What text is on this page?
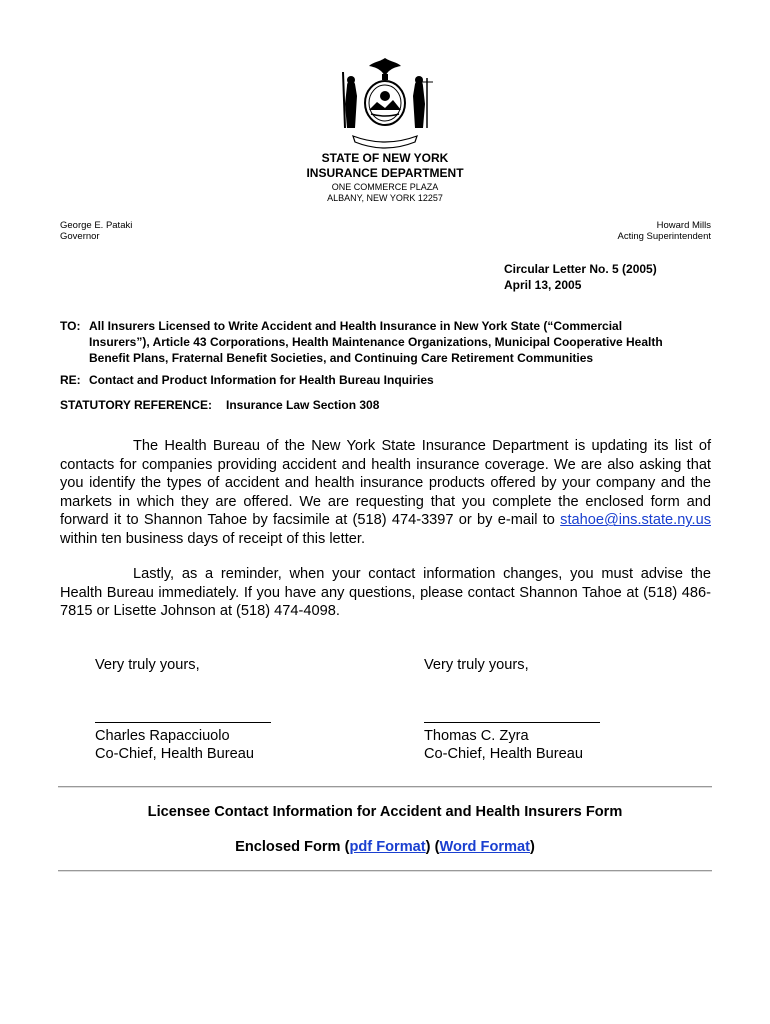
STATE OF NEW YORK
INSURANCE DEPARTMENT
ONE COMMERCE PLAZA
ALBANY, NEW YORK 12257
George E. Pataki
Governor
Howard Mills
Acting Superintendent
Circular Letter No. 5 (2005)
April 13, 2005
TO: All Insurers Licensed to Write Accident and Health Insurance in New York State (“Commercial
Insurers”), Article 43 Corporations, Health Maintenance Organizations, Municipal Cooperative Health
Benefit Plans, Fraternal Benefit Societies, and Continuing Care Retirement Communities
RE: Contact and Product Information for Health Bureau Inquiries
STATUTORY REFERENCE: Insurance Law Section 308
The Health Bureau of the New York State Insurance Department is updating its list of contacts for companies providing accident and health insurance coverage. We are also asking that you identify the types of accident and health insurance products offered by your company and the markets in which they are offered. We are requesting that you complete the enclosed form and forward it to Shannon Tahoe by facsimile at (518) 474-3397 or by e-mail to stahoe@ins.state.ny.us within ten business days of receipt of this letter.
Lastly, as a reminder, when your contact information changes, you must advise the Health Bureau immediately. If you have any questions, please contact Shannon Tahoe at (518) 486-7815 or Lisette Johnson at (518) 474-4098.
Very truly yours,	Very truly yours,
Charles Rapacciuolo
Co-Chief, Health Bureau
Thomas C. Zyra
Co-Chief, Health Bureau
Licensee Contact Information for Accident and Health Insurers Form
Enclosed Form (pdf Format) (Word Format)
